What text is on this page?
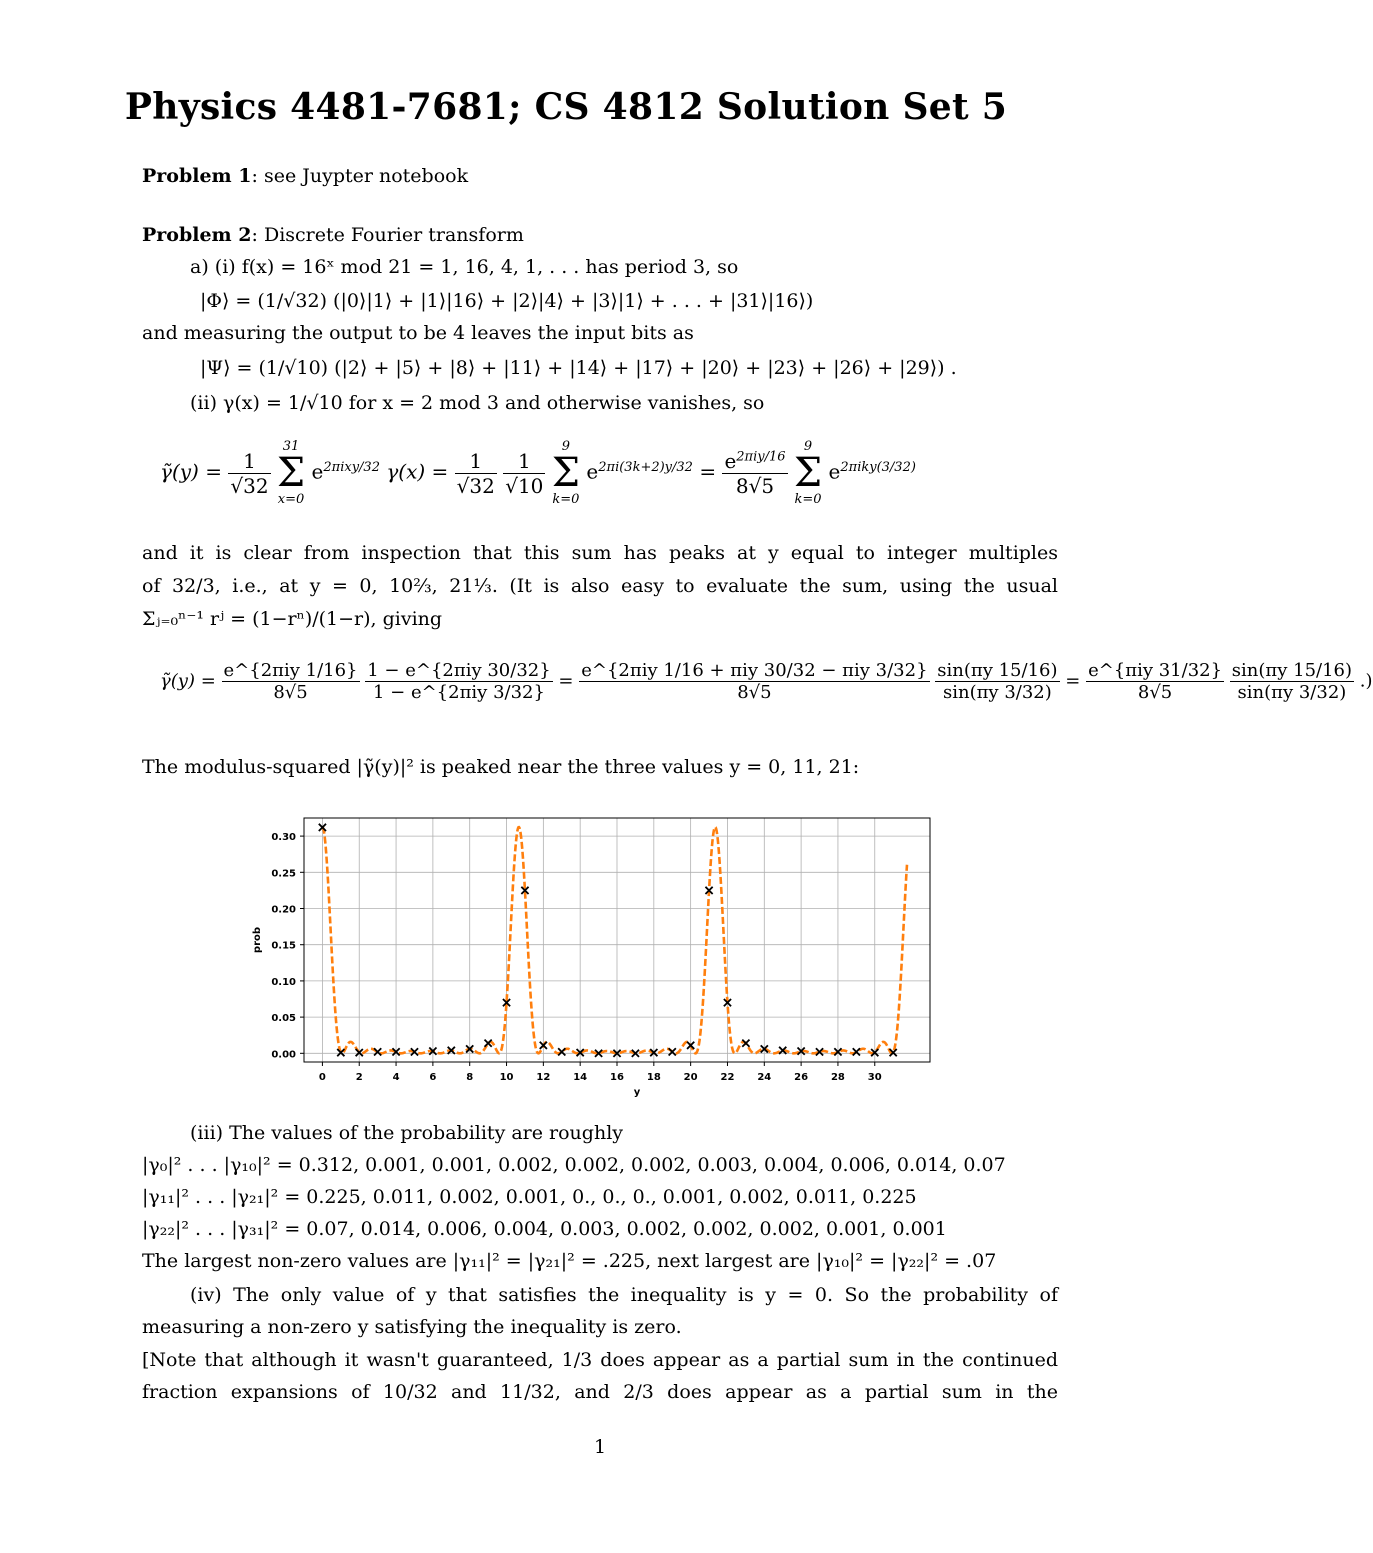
Physics 4481-7681; CS 4812 Solution Set 5
Problem 1: see Juypter notebook
Problem 2: Discrete Fourier transform
a) (i) f(x) = 16ˣ mod 21 = 1, 16, 4, 1, . . . has period 3, so
|Φ⟩ = (1/√32) (|0⟩|1⟩ + |1⟩|16⟩ + |2⟩|4⟩ + |3⟩|1⟩ + . . . + |31⟩|16⟩)
and measuring the output to be 4 leaves the input bits as
|Ψ⟩ = (1/√10) (|2⟩ + |5⟩ + |8⟩ + |11⟩ + |14⟩ + |17⟩ + |20⟩ + |23⟩ + |26⟩ + |29⟩) .
(ii) γ(x) = 1/√10 for x = 2 mod 3 and otherwise vanishes, so
γ̃(y) = $\frac{1}{√32}$

31
Σ
x=0
$e^{2\pi ixy/32}$ $\gamma(x) = \frac{1}{√32}$
$\frac{1}{√10}$

9
Σ
k=0
$e^{2\pi i(3k+2)y/32} = \frac{e^{2\pi iy/16}}{8√5}$

9
Σ
k=0
$e^{2\pi iky(3/32)}$
and it is clear from inspection that this sum has peaks at y equal to integer multiples
of 32/3, i.e., at y = 0, 10⅔, 21⅓. (It is also easy to evaluate the sum, using the usual
Σⱼ₌₀ⁿ⁻¹ rʲ = (1−rⁿ)/(1−r), giving
γ̃(y) = $\frac{\text{e\textasciicircum{}\{2πiy 1/16\}}}{8√5}$
$\frac{\text{1 − e\textasciicircum{}\{2πiy 30/32\}}}{\text{1 − e\textasciicircum{}\{2πiy 3/32\}}} = \frac{\text{e\textasciicircum{}\{2πiy 1/16 + πiy 30/32 − πiy 3/32\}}}{8√5}$
$\frac{\sin(\pi y 15/16)}{\sin(\pi y 3/32)} = \frac{\text{e\textasciicircum{}\{πiy 31/32\}}}{8√5}$
$\frac{\sin(\pi y 15/16)}{\sin(\pi y 3/32)}$ .)
The modulus-squared |γ̃(y)|² is peaked near the three values y = 0, 11, 21:
0	2	4	6	8	10 12 14 16 18 20 22 24 26 28 30
0.00
0.05
0.10
0.15
0.20
0.25
0.30
y
prob
(iii) The values of the probability are roughly
|γ₀|² . . . |γ₁₀|² = 0.312, 0.001, 0.001, 0.002, 0.002, 0.002, 0.003, 0.004, 0.006, 0.014, 0.07
|γ₁₁|² . . . |γ₂₁|² = 0.225, 0.011, 0.002, 0.001, 0., 0., 0., 0.001, 0.002, 0.011, 0.225
|γ₂₂|² . . . |γ₃₁|² = 0.07, 0.014, 0.006, 0.004, 0.003, 0.002, 0.002, 0.002, 0.001, 0.001
The largest non-zero values are |γ₁₁|² = |γ₂₁|² = .225, next largest are |γ₁₀|² = |γ₂₂|² = .07
(iv) The only value of y that satisfies the inequality is y = 0. So the probability of
measuring a non-zero y satisfying the inequality is zero.
[Note that although it wasn't guaranteed, 1/3 does appear as a partial sum in the continued
fraction expansions of 10/32 and 11/32, and 2/3 does appear as a partial sum in the
1
